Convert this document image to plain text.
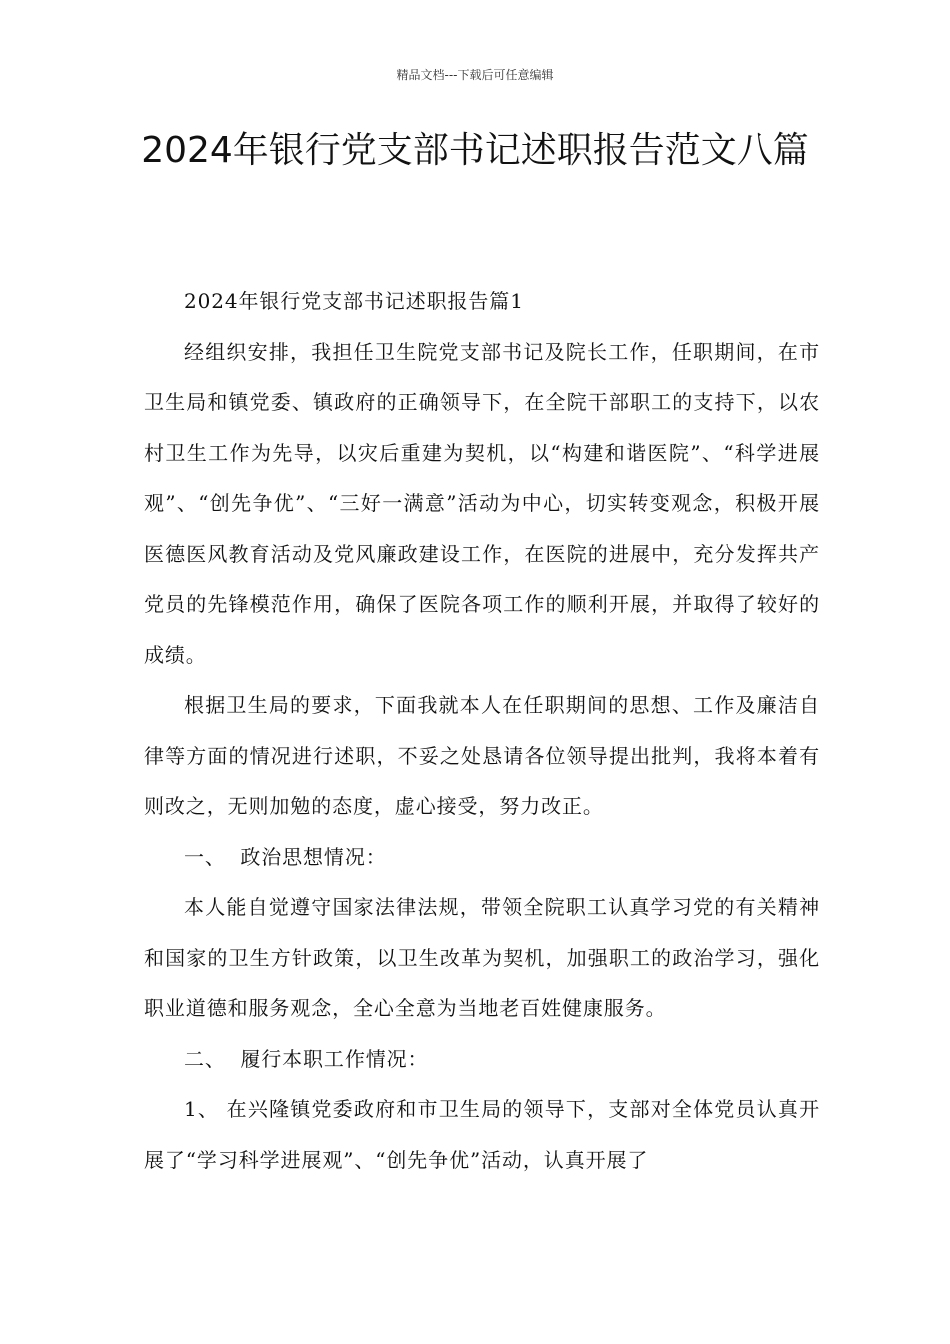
精品文档---下载后可任意编辑
2024年银行党支部书记述职报告范文八篇

2024年银行党支部书记述职报告篇1

经组织安排，我担任卫生院党支部书记及院长工作，任职期间，在市卫生局和镇党委、镇政府的正确领导下，在全院干部职工的支持下，以农村卫生工作为先导，以灾后重建为契机，以“构建和谐医院”、“科学进展观”、“创先争优”、“三好一满意”活动为中心，切实转变观念，积极开展医德医风教育活动及党风廉政建设工作，在医院的进展中，充分发挥共产党员的先锋模范作用，确保了医院各项工作的顺利开展，并取得了较好的成绩。

根据卫生局的要求，下面我就本人在任职期间的思想、工作及廉洁自律等方面的情况进行述职，不妥之处恳请各位领导提出批判，我将本着有则改之，无则加勉的态度，虚心接受，努力改正。

一、  政治思想情况：

本人能自觉遵守国家法律法规，带领全院职工认真学习党的有关精神和国家的卫生方针政策，以卫生改革为契机，加强职工的政治学习，强化职业道德和服务观念，全心全意为当地老百姓健康服务。

二、  履行本职工作情况：

1、 在兴隆镇党委政府和市卫生局的领导下，支部对全体党员认真开展了“学习科学进展观”、“创先争优”活动，认真开展了
